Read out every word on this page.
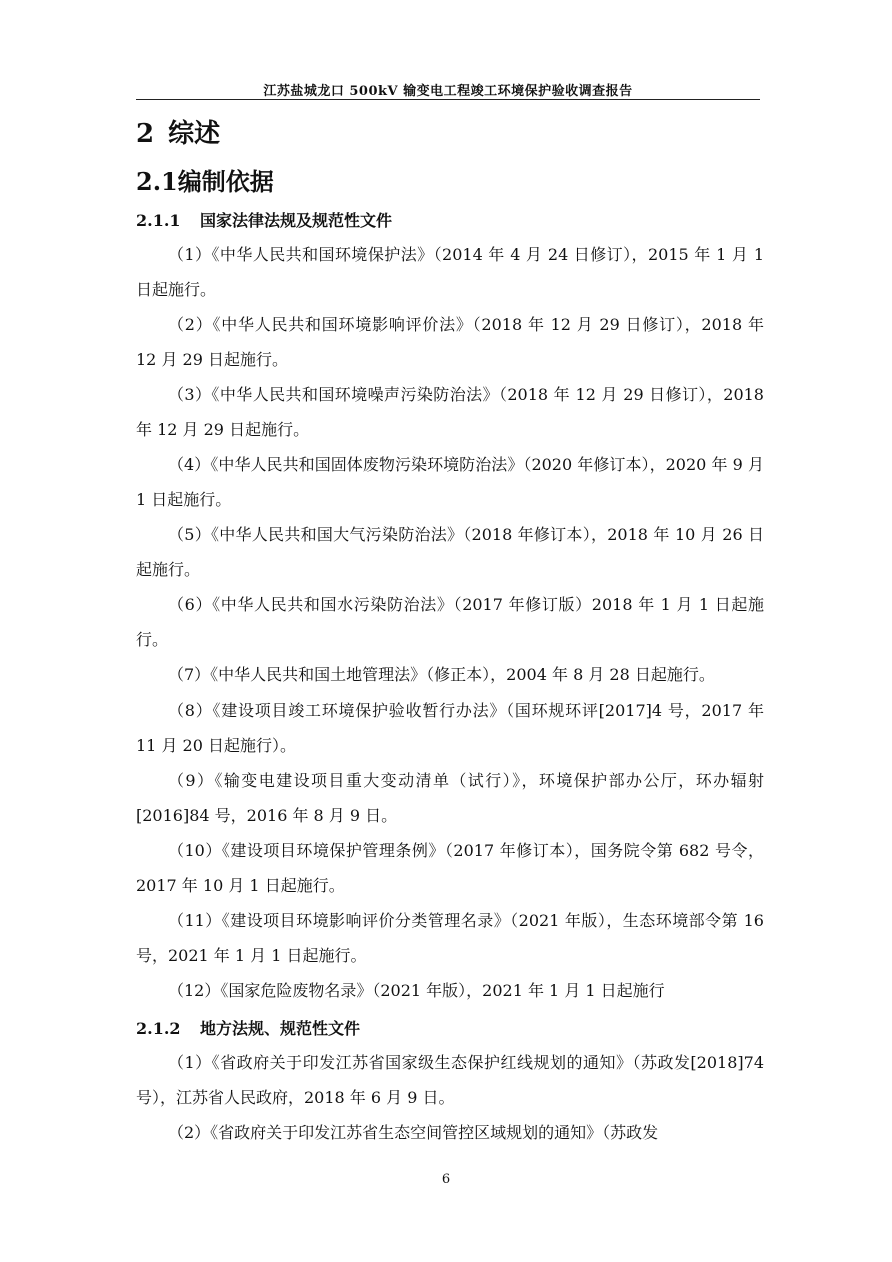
江苏盐城龙口 500kV 输变电工程竣工环境保护验收调查报告
2 综述
2.1编制依据
2.1.1 国家法律法规及规范性文件

（1）《中华人民共和国环境保护法》（2014 年 4 月 24 日修订），2015 年 1 月 1 日起施行。

（2）《中华人民共和国环境影响评价法》（2018 年 12 月 29 日修订），2018 年 12 月 29 日起施行。

（3）《中华人民共和国环境噪声污染防治法》（2018 年 12 月 29 日修订），2018 年 12 月 29 日起施行。

（4）《中华人民共和国固体废物污染环境防治法》（2020 年修订本），2020 年 9 月 1 日起施行。

（5）《中华人民共和国大气污染防治法》（2018 年修订本），2018 年 10 月 26 日起施行。

（6）《中华人民共和国水污染防治法》（2017 年修订版）2018 年 1 月 1 日起施行。

（7）《中华人民共和国土地管理法》（修正本），2004 年 8 月 28 日起施行。

（8）《建设项目竣工环境保护验收暂行办法》（国环规环评[2017]4 号，2017 年 11 月 20 日起施行）。

（9）《输变电建设项目重大变动清单（试行）》，环境保护部办公厅，环办辐射[2016]84 号，2016 年 8 月 9 日。

（10）《建设项目环境保护管理条例》（2017 年修订本），国务院令第 682 号令，2017 年 10 月 1 日起施行。

（11）《建设项目环境影响评价分类管理名录》（2021 年版），生态环境部令第 16 号，2021 年 1 月 1 日起施行。

（12）《国家危险废物名录》（2021 年版），2021 年 1 月 1 日起施行

2.1.2 地方法规、规范性文件

（1）《省政府关于印发江苏省国家级生态保护红线规划的通知》（苏政发[2018]74 号），江苏省人民政府，2018 年 6 月 9 日。

（2）《省政府关于印发江苏省生态空间管控区域规划的通知》（苏政发

6
